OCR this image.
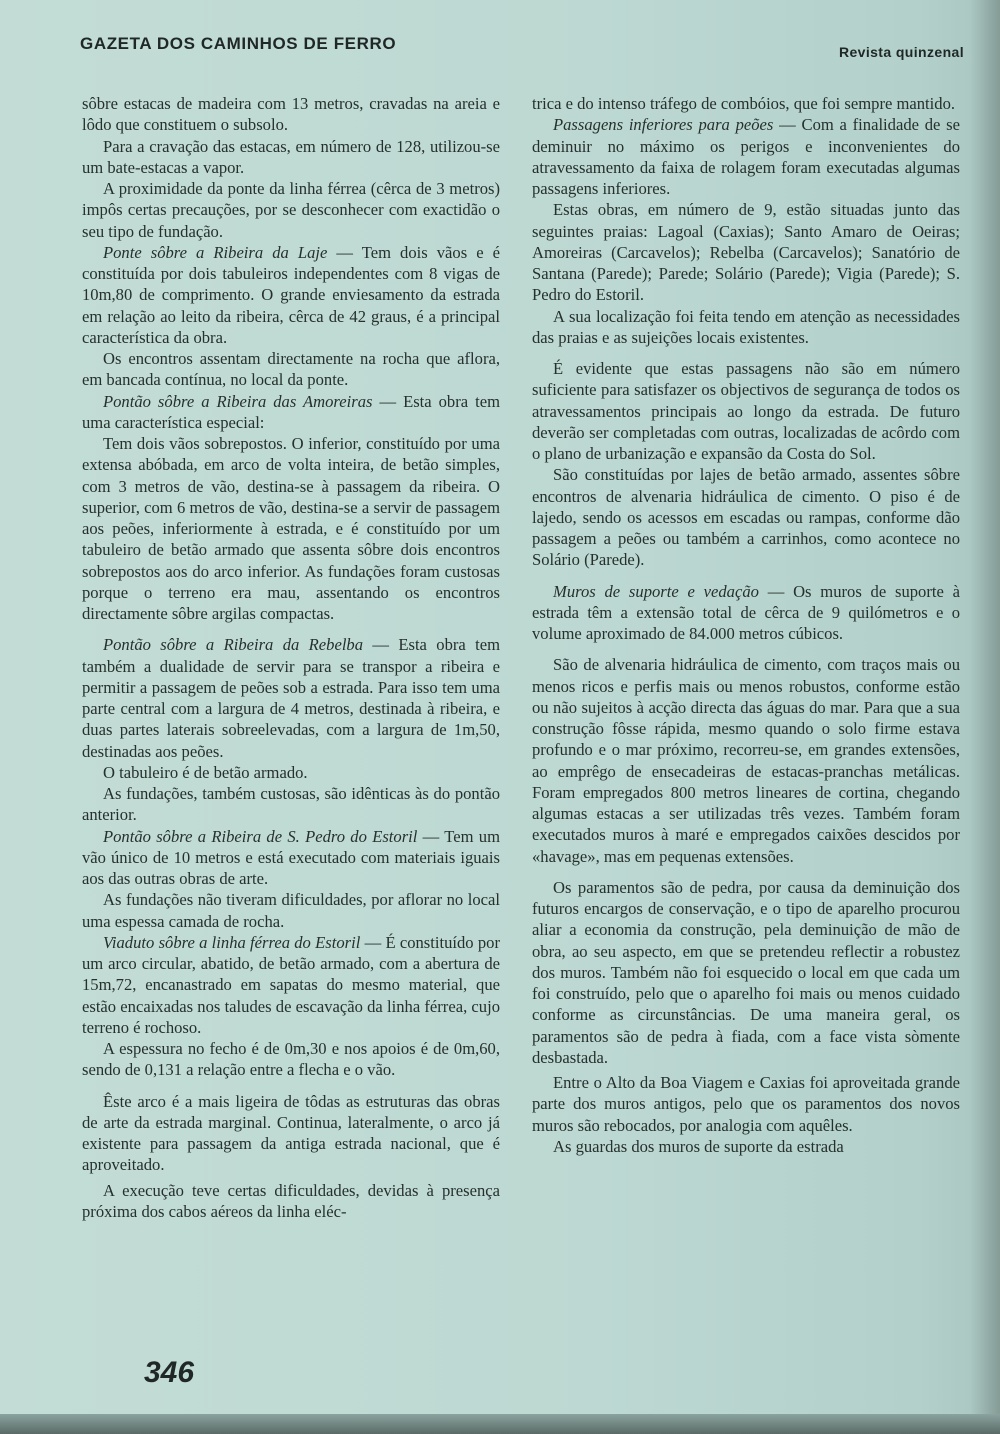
GAZETA DOS CAMINHOS DE FERRO	Revista quinzenal

sôbre estacas de madeira com 13 metros, cravadas na areia e lôdo que constituem o subsolo.

Para a cravação das estacas, em número de 128, utilizou-se um bate-estacas a vapor.

A proximidade da ponte da linha férrea (cêrca de 3 metros) impôs certas precauções, por se desconhecer com exactidão o seu tipo de fundação.

Ponte sôbre a Ribeira da Laje — Tem dois vãos e é constituída por dois tabuleiros independentes com 8 vigas de 10m,80 de comprimento. O grande enviesamento da estrada em relação ao leito da ribeira, cêrca de 42 graus, é a principal característica da obra.

Os encontros assentam directamente na rocha que aflora, em bancada contínua, no local da ponte.

Pontão sôbre a Ribeira das Amoreiras — Esta obra tem uma característica especial:

Tem dois vãos sobrepostos. O inferior, constituído por uma extensa abóbada, em arco de volta inteira, de betão simples, com 3 metros de vão, destina-se à passagem da ribeira. O superior, com 6 metros de vão, destina-se a servir de passagem aos peões, inferiormente à estrada, e é constituído por um tabuleiro de betão armado que assenta sôbre dois encontros sobrepostos aos do arco inferior. As fundações foram custosas porque o terreno era mau, assentando os encontros directamente sôbre argilas compactas.

Pontão sôbre a Ribeira da Rebelba — Esta obra tem também a dualidade de servir para se transpor a ribeira e permitir a passagem de peões sob a estrada. Para isso tem uma parte central com a largura de 4 metros, destinada à ribeira, e duas partes laterais sobreelevadas, com a largura de 1m,50, destinadas aos peões.

O tabuleiro é de betão armado.

As fundações, também custosas, são idênticas às do pontão anterior.

Pontão sôbre a Ribeira de S. Pedro do Estoril — Tem um vão único de 10 metros e está executado com materiais iguais aos das outras obras de arte.

As fundações não tiveram dificuldades, por aflorar no local uma espessa camada de rocha.

Viaduto sôbre a linha férrea do Estoril — É constituído por um arco circular, abatido, de betão armado, com a abertura de 15m,72, encanastrado em sapatas do mesmo material, que estão encaixadas nos taludes de escavação da linha férrea, cujo terreno é rochoso.

A espessura no fecho é de 0m,30 e nos apoios é de 0m,60, sendo de 0,131 a relação entre a flecha e o vão.

Êste arco é a mais ligeira de tôdas as estruturas das obras de arte da estrada marginal. Continua, lateralmente, o arco já existente para passagem da antiga estrada nacional, que é aproveitado.

A execução teve certas dificuldades, devidas à presença próxima dos cabos aéreos da linha eléc-

trica e do intenso tráfego de combóios, que foi sempre mantido.

Passagens inferiores para peões — Com a finalidade de se deminuir no máximo os perigos e inconvenientes do atravessamento da faixa de rolagem foram executadas algumas passagens inferiores.

Estas obras, em número de 9, estão situadas junto das seguintes praias: Lagoal (Caxias); Santo Amaro de Oeiras; Amoreiras (Carcavelos); Rebelba (Carcavelos); Sanatório de Santana (Parede); Parede; Solário (Parede); Vigia (Parede); S. Pedro do Estoril.

A sua localização foi feita tendo em atenção as necessidades das praias e as sujeições locais existentes.

É evidente que estas passagens não são em número suficiente para satisfazer os objectivos de segurança de todos os atravessamentos principais ao longo da estrada. De futuro deverão ser completadas com outras, localizadas de acôrdo com o plano de urbanização e expansão da Costa do Sol.

São constituídas por lajes de betão armado, assentes sôbre encontros de alvenaria hidráulica de cimento. O piso é de lajedo, sendo os acessos em escadas ou rampas, conforme dão passagem a peões ou também a carrinhos, como acontece no Solário (Parede).

Muros de suporte e vedação — Os muros de suporte à estrada têm a extensão total de cêrca de 9 quilómetros e o volume aproximado de 84.000 metros cúbicos.

São de alvenaria hidráulica de cimento, com traços mais ou menos ricos e perfis mais ou menos robustos, conforme estão ou não sujeitos à acção directa das águas do mar. Para que a sua construção fôsse rápida, mesmo quando o solo firme estava profundo e o mar próximo, recorreu-se, em grandes extensões, ao emprêgo de ensecadeiras de estacas-pranchas metálicas. Foram empregados 800 metros lineares de cortina, chegando algumas estacas a ser utilizadas três vezes. Também foram executados muros à maré e empregados caixões descidos por «havage», mas em pequenas extensões.

Os paramentos são de pedra, por causa da deminuição dos futuros encargos de conservação, e o tipo de aparelho procurou aliar a economia da construção, pela deminuição de mão de obra, ao seu aspecto, em que se pretendeu reflectir a robustez dos muros. Também não foi esquecido o local em que cada um foi construído, pelo que o aparelho foi mais ou menos cuidado conforme as circunstâncias. De uma maneira geral, os paramentos são de pedra à fiada, com a face vista sòmente desbastada.

Entre o Alto da Boa Viagem e Caxias foi aproveitada grande parte dos muros antigos, pelo que os paramentos dos novos muros são rebocados, por analogia com aquêles.

As guardas dos muros de suporte da estrada

346
